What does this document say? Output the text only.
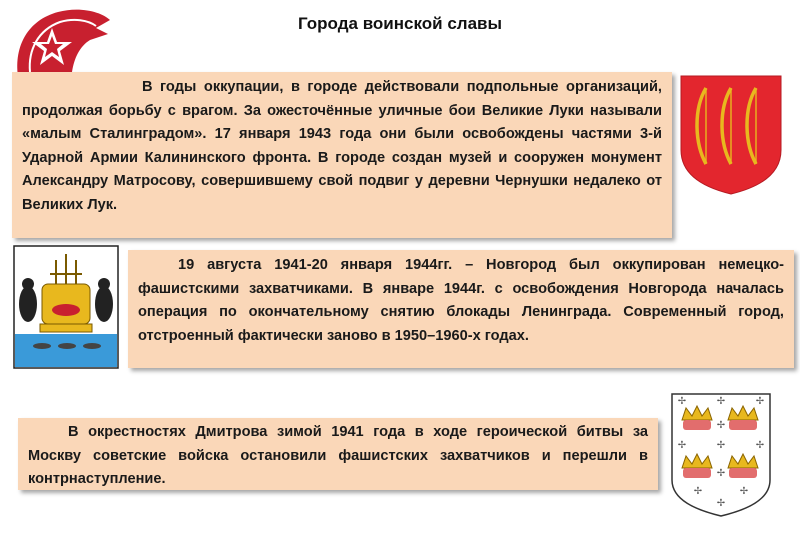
Города воинской славы

В годы оккупации, в городе действовали подпольные организаций, продолжая борьбу с врагом. За ожесточённые уличные бои Великие Луки называли «малым Сталинградом». 17 января 1943 года они были освобождены частями 3-й Ударной Армии Калининского фронта. В городе создан музей и сооружен монумент Александру Матросову, совершившему свой подвиг у деревни Чернушки недалеко от Великих Лук.

19 августа 1941-20 января 1944гг. – Новгород был оккупирован немецко-фашистскими захватчиками. В январе 1944г. с освобождения Новгорода началась операция по окончательному снятию блокады Ленинграда. Современный город, отстроенный фактически заново в 1950–1960-х годах.

В окрестностях Дмитрова зимой 1941 года в ходе героической битвы за Москву советские войска остановили фашистских захватчиков и перешли в контрнаступление.

✢	✢	✢
✢
✢	✢	✢
✢
✢	✢
✢
